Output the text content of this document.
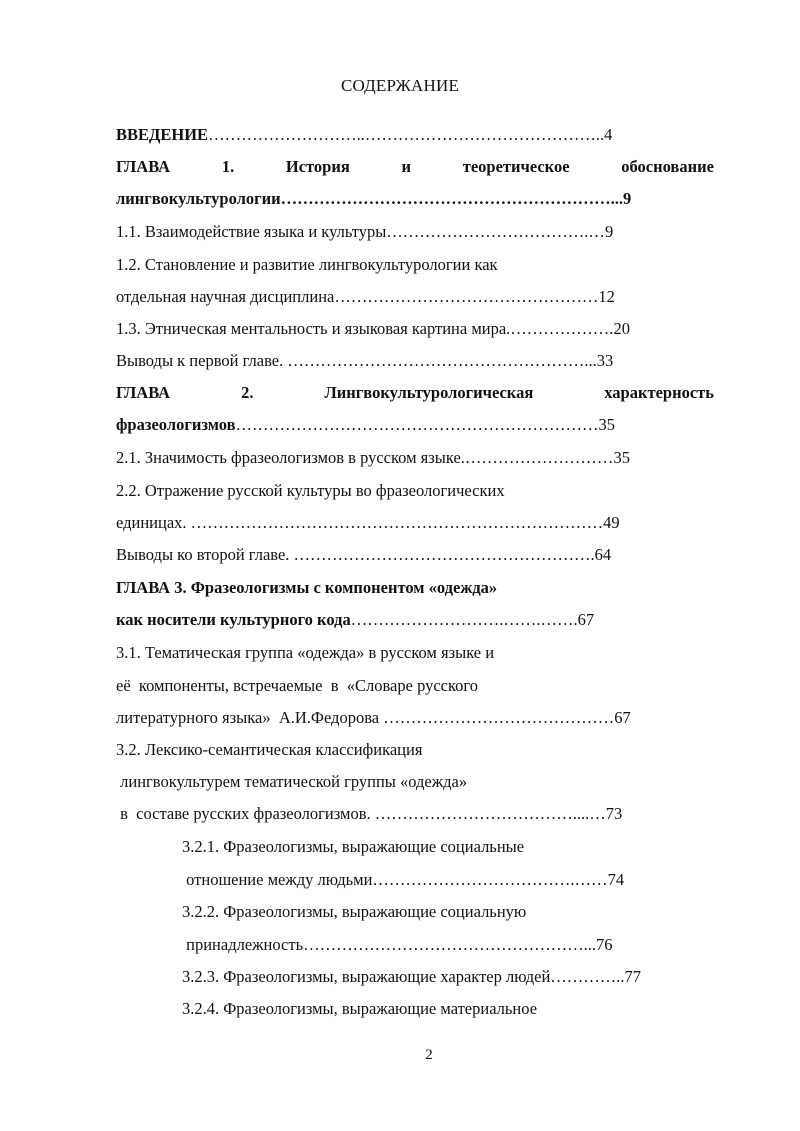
СОДЕРЖАНИЕ
ВВЕДЕНИЕ………………………..……………………………………..4
ГЛАВА	1.	История	и	теоретическое	обоснование
лингвокультурологии……………………………………………………...9
1.1. Взаимодействие языка и культуры……………………………….…9
1.2. Становление и развитие лингвокультурологии как
отдельная научная дисциплина…………………………………………12
1.3. Этническая ментальность и языковая картина мира.……………….20
Выводы к первой главе. ………………………………………………...33
ГЛАВА	2.	Лингвокультурологическая	характерность
фразеологизмов…………………………………………………………35
2.1. Значимость фразеологизмов в русском языке.………………………35
2.2. Отражение русской культуры во фразеологических
единицах. …………………………………………………………………49
Выводы ко второй главе. ……………………………………………….64
ГЛАВА 3. Фразеологизмы с компонентом «одежда»
как носители культурного кода……………………….…….…….67
3.1. Тематическая группа «одежда» в русском языке и
её  компоненты, встречаемые  в  «Словаре русского
литературного языка»  А.И.Федорова ……………………………………67
3.2. Лексико-семантическая классификация
лингвокультурем тематической группы «одежда»
в  составе русских фразеологизмов. ………………………………....…73
3.2.1. Фразеологизмы, выражающие социальные
отношение между людьми……………………………….……74
3.2.2. Фразеологизмы, выражающие социальную
принадлежность……………………………………………...76
3.2.3. Фразеологизмы, выражающие характер людей…………..77
3.2.4. Фразеологизмы, выражающие материальное
2
